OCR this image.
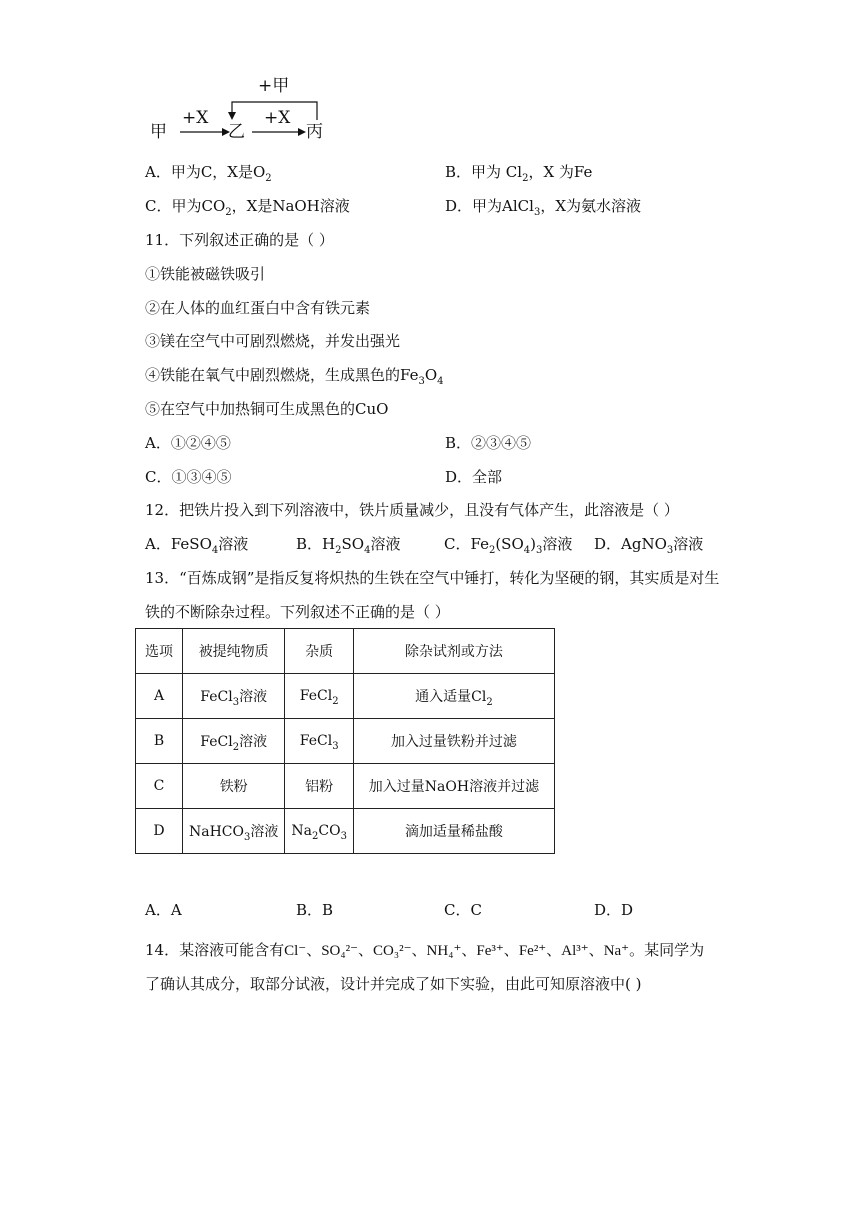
甲
+X
乙
+X
丙
+甲
A．甲为C，X是$O_2$	B．甲为 $Cl_2$，X 为Fe
C．甲为$CO_2$，X是NaOH溶液	D．甲为AlCl$_3$，X为氨水溶液
11．下列叙述正确的是（ ）
①铁能被磁铁吸引
②在人体的血红蛋白中含有铁元素
③镁在空气中可剧烈燃烧，并发出强光
④铁能在氧气中剧烈燃烧，生成黑色的$Fe_3O_4$
⑤在空气中加热铜可生成黑色的CuO
A．①②④⑤	B．②③④⑤
C．①③④⑤	D．全部
12．把铁片投入到下列溶液中，铁片质量减少，且没有气体产生，此溶液是（ ）
A．FeSO$_4$溶液	B．$H_2SO_4$溶液	C．$Fe_2(SO_4)_3$溶液 D．AgNO$_3$溶液
13．“百炼成钢”是指反复将炽热的生铁在空气中锤打，转化为坚硬的钢，其实质是对生
铁的不断除杂过程。下列叙述不正确的是（ ）
选项	被提纯物质	杂质	除杂试剂或方法
A	FeCl$_3$溶液	FeCl$_2$	通入适量$Cl_2$
B	FeCl$_2$溶液	FeCl$_3$	加入过量铁粉并过滤
C	铁粉	铝粉	加入过量NaOH溶液并过滤
D	NaHCO$_3$溶液	$Na_2CO_3$	滴加适量稀盐酸
A．A	B．B	C．C	D．D
14．某溶液可能含有Cl⁻、SO₄²⁻、CO₃²⁻、NH₄⁺、Fe³⁺、Fe²⁺、Al³⁺、Na⁺。某同学为
了确认其成分，取部分试液，设计并完成了如下实验，由此可知原溶液中( )
